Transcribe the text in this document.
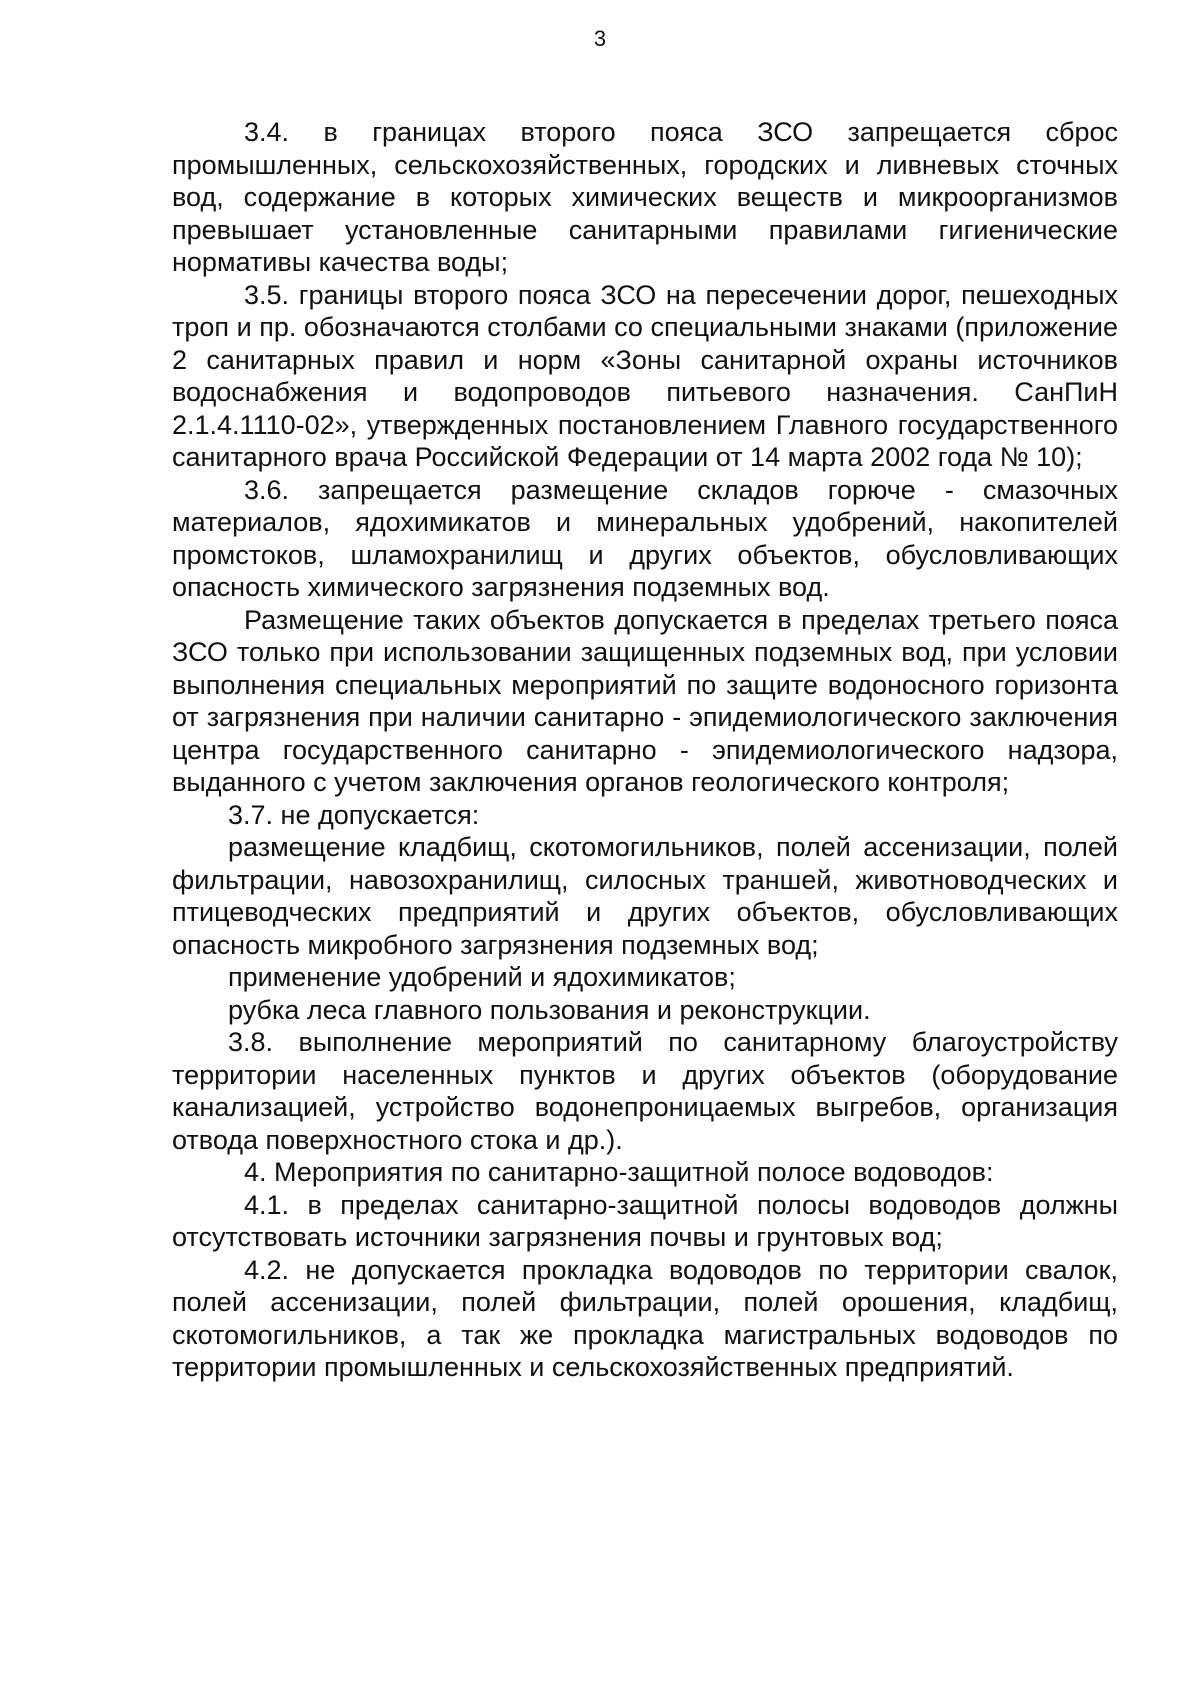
3

3.4. в границах второго пояса ЗСО запрещается сброс промышленных, сельскохозяйственных, городских и ливневых сточных вод, содержание в которых химических веществ и микроорганизмов превышает установленные санитарными правилами гигиенические нормативы качества воды;

3.5. границы второго пояса ЗСО на пересечении дорог, пешеходных троп и пр. обозначаются столбами со специальными знаками (приложение 2 санитарных правил и норм «Зоны санитарной охраны источников водоснабжения и водопроводов питьевого назначения. СанПиН 2.1.4.1110-02», утвержденных постановлением Главного государственного санитарного врача Российской Федерации от 14 марта 2002 года № 10);

3.6. запрещается размещение складов горюче - смазочных материалов, ядохимикатов и минеральных удобрений, накопителей промстоков, шламохранилищ и других объектов, обусловливающих опасность химического загрязнения подземных вод.

Размещение таких объектов допускается в пределах третьего пояса ЗСО только при использовании защищенных подземных вод, при условии выполнения специальных мероприятий по защите водоносного горизонта от загрязнения при наличии санитарно - эпидемиологического заключения центра государственного санитарно - эпидемиологического надзора, выданного с учетом заключения органов геологического контроля;

3.7. не допускается:

размещение кладбищ, скотомогильников, полей ассенизации, полей фильтрации, навозохранилищ, силосных траншей, животноводческих и птицеводческих предприятий и других объектов, обусловливающих опасность микробного загрязнения подземных вод;

применение удобрений и ядохимикатов;

рубка леса главного пользования и реконструкции.

3.8. выполнение мероприятий по санитарному благоустройству территории населенных пунктов и других объектов (оборудование канализацией, устройство водонепроницаемых выгребов, организация отвода поверхностного стока и др.).

4. Мероприятия по санитарно-защитной полосе водоводов:

4.1. в пределах санитарно-защитной полосы водоводов должны отсутствовать источники загрязнения почвы и грунтовых вод;

4.2. не допускается прокладка водоводов по территории свалок, полей ассенизации, полей фильтрации, полей орошения, кладбищ, скотомогильников, а так же прокладка магистральных водоводов по территории промышленных и сельскохозяйственных предприятий.
